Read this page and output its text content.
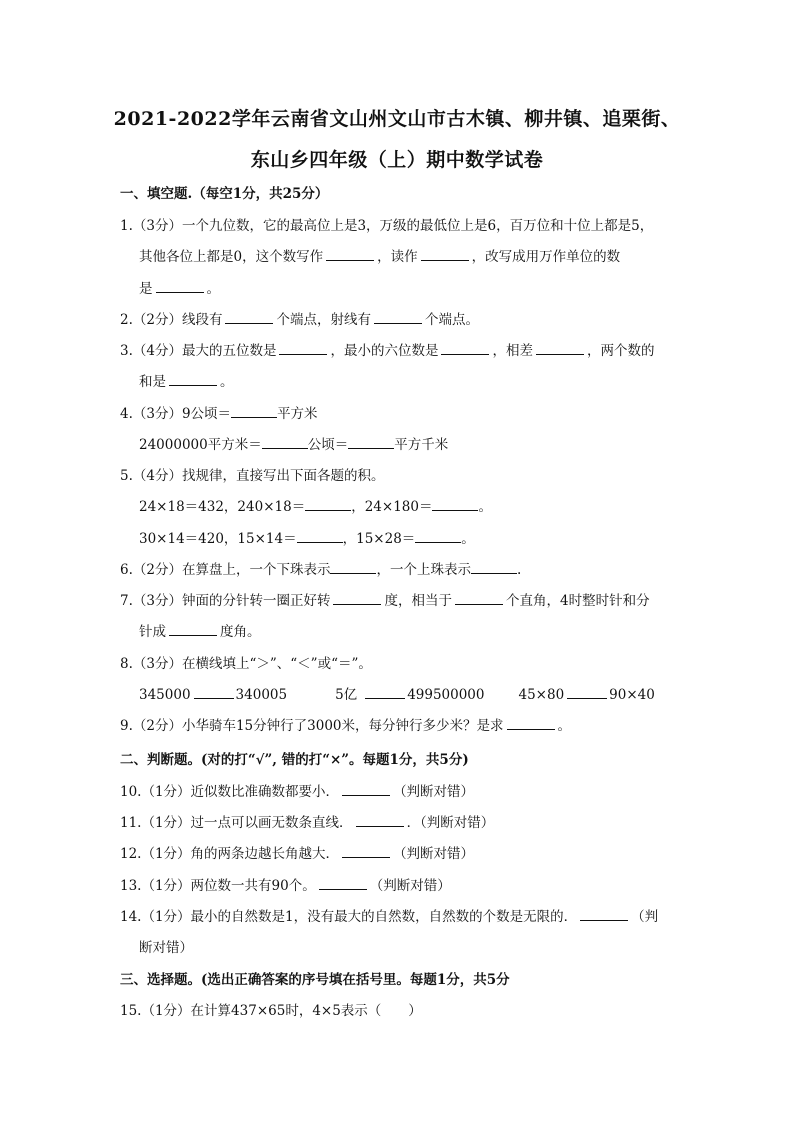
2021-2022学年云南省文山州文山市古木镇、柳井镇、追栗街、
东山乡四年级（上）期中数学试卷
一、填空题.（每空1分，共25分）
1.（3分）一个九位数，它的最高位上是3，万级的最低位上是6，百万位和十位上都是5，
其他各位上都是0，这个数写作	，读作	，改写成用万作单位的数
是	。
2.（2分）线段有	个端点，射线有	个端点。
3.（4分）最大的五位数是	，最小的六位数是	，相差	，两个数的
和是	。
4.（3分）9公顷＝	平方米
24000000平方米＝	公顷＝	平方千米
5.（4分）找规律，直接写出下面各题的积。
24×18＝432，240×18＝	，24×180＝	。
30×14＝420，15×14＝	，15×28＝	。
6.（2分）在算盘上，一个下珠表示	，一个上珠表示	.
7.（3分）钟面的分针转一圈正好转	度，相当于	个直角，4时整时针和分
针成	度角。
8.（3分）在横线填上“＞”、“＜”或“＝”。
345000	340005	5亿	499500000	45×80	90×40
9.（2分）小华骑车15分钟行了3000米，每分钟行多少米？是求	。
二、判断题。(对的打“√”, 错的打“×”。每题1分，共5分)
10.（1分）近似数比准确数都要小．	（判断对错）
11.（1分）过一点可以画无数条直线．	．（判断对错）
12.（1分）角的两条边越长角越大．	（判断对错）
13.（1分）两位数一共有90个。	（判断对错）
14.（1分）最小的自然数是1，没有最大的自然数，自然数的个数是无限的．	（判
断对错）
三、选择题。(选出正确答案的序号填在括号里。每题1分，共5分
15.（1分）在计算437×65时，4×5表示（　　）
